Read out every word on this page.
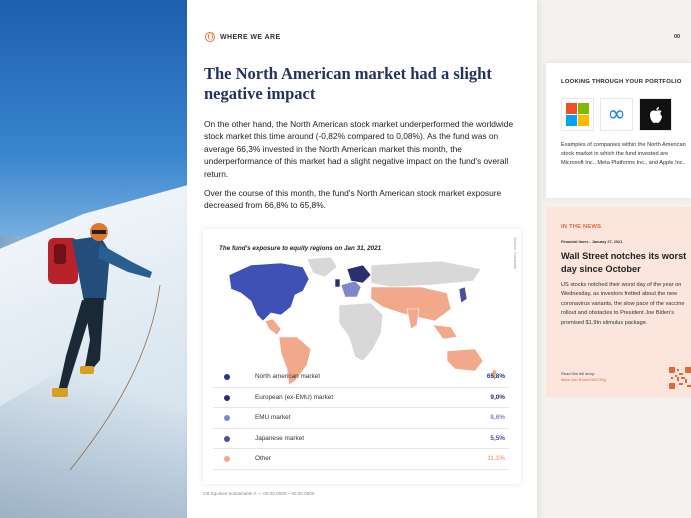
WHERE WE ARE
The North American market had a slight negative impact

On the other hand, the North American stock market underperformed the worldwide stock market this time around (-0,82% compared to 0,08%). As the fund was on average 66,3% invested in the North American market this month, the underperformance of this market had a slight negative impact on the fund's overall return.

Over the course of this month, the fund's North American stock market exposure decreased from 66,8% to 65,8%.

The fund's exposure to equity regions on Jan 31, 2021	Source: Candriam
North american market	65,8%
European (ex-EMU) market	9,0%
EMU market	8,6%
Japanese market	5,5%
Other	11,1%
CB Equities Sustainable A — 00.00.0000 – 00.00.0000
00
LOOKING THROUGH YOUR PORTFOLIO
∞
Examples of companies within the North American stock market in which the fund invested are Microsoft Inc., Meta Platforms Inc., and Apple Inc..
IN THE NEWS
Financial times - January 27, 2021
Wall Street notches its worst day since October
US stocks notched their worst day of the year on Wednesday, as investors fretted about the new coronavirus variants, the slow pace of the vaccine rollout and obstacles to President Joe Biden's promised $1.9tn stimulus package.
Read this full story:
https://on.ft.com/3IGCFfg
